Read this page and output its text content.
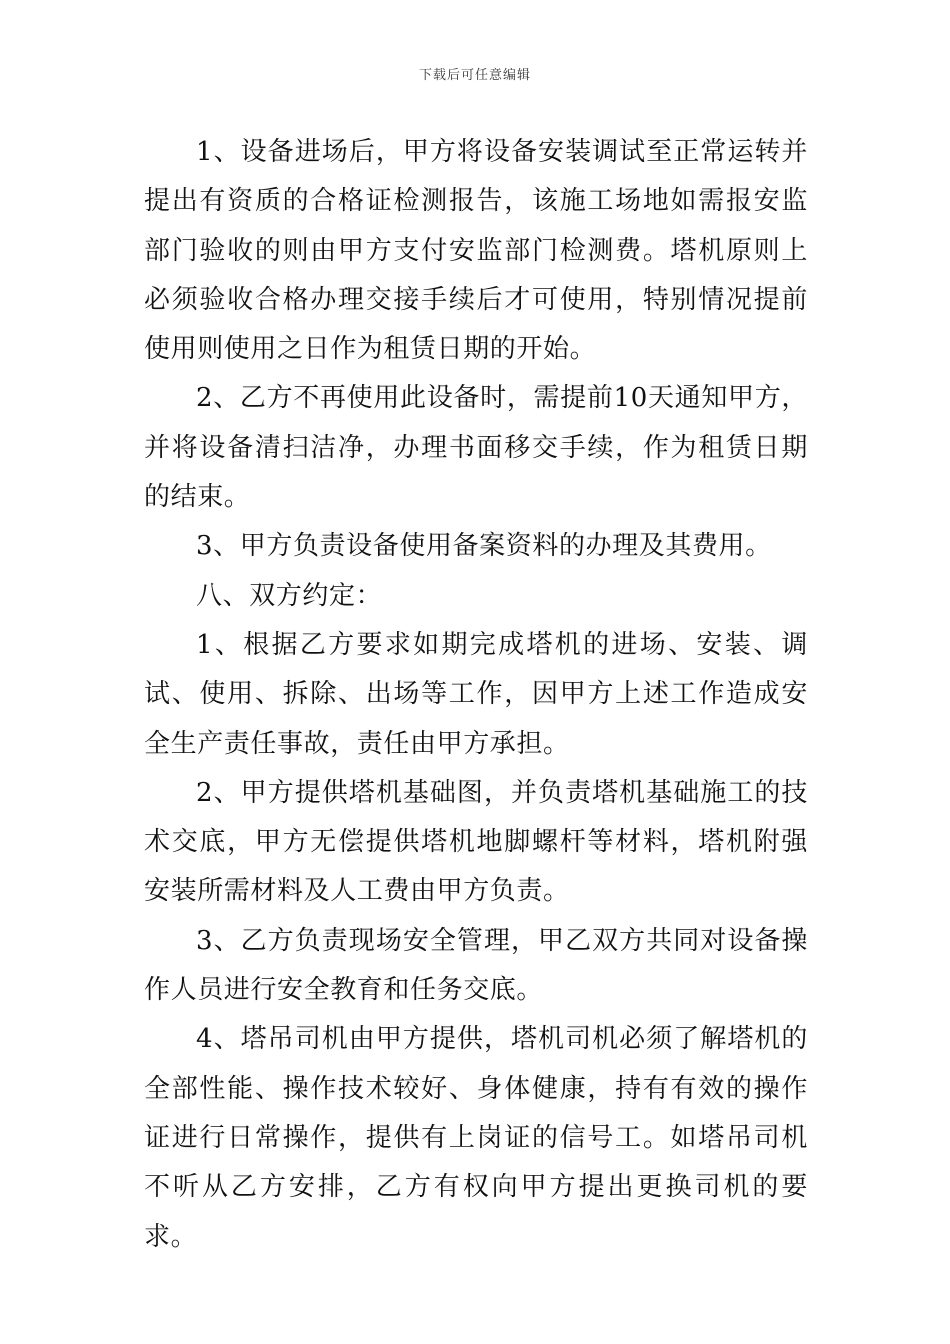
下载后可任意编辑

1、设备进场后，甲方将设备安装调试至正常运转并提出有资质的合格证检测报告，该施工场地如需报安监部门验收的则由甲方支付安监部门检测费。塔机原则上必须验收合格办理交接手续后才可使用，特别情况提前使用则使用之日作为租赁日期的开始。

2、乙方不再使用此设备时，需提前10天通知甲方，并将设备清扫洁净，办理书面移交手续，作为租赁日期的结束。

3、甲方负责设备使用备案资料的办理及其费用。

八、双方约定：

1、根据乙方要求如期完成塔机的进场、安装、调试、使用、拆除、出场等工作，因甲方上述工作造成安全生产责任事故，责任由甲方承担。

2、甲方提供塔机基础图，并负责塔机基础施工的技术交底，甲方无偿提供塔机地脚螺杆等材料，塔机附强安装所需材料及人工费由甲方负责。

3、乙方负责现场安全管理，甲乙双方共同对设备操作人员进行安全教育和任务交底。

4、塔吊司机由甲方提供，塔机司机必须了解塔机的全部性能、操作技术较好、身体健康，持有有效的操作证进行日常操作，提供有上岗证的信号工。如塔吊司机不听从乙方安排，乙方有权向甲方提出更换司机的要求。
